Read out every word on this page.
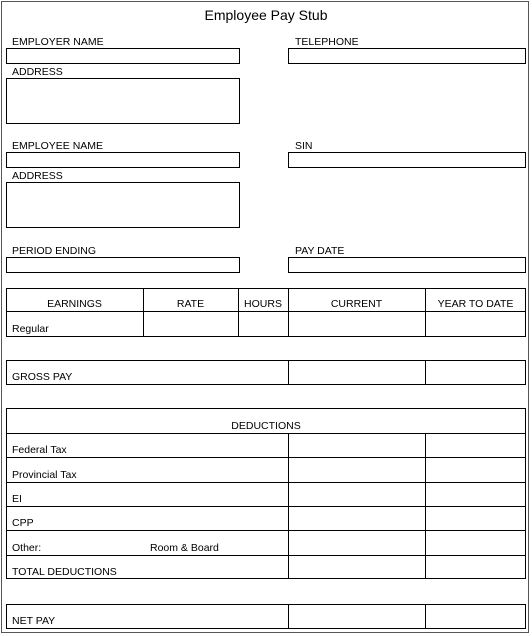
Employee Pay Stub
EMPLOYER NAME	TELEPHONE
ADDRESS
EMPLOYEE NAME	SIN
ADDRESS
PERIOD ENDING	PAY DATE
EARNINGS	RATE	HOURS	CURRENT	YEAR TO DATE
Regular
GROSS PAY
DEDUCTIONS
Federal Tax
Provincial Tax
EI
CPP
Other:	Room & Board
TOTAL DEDUCTIONS
NET PAY
